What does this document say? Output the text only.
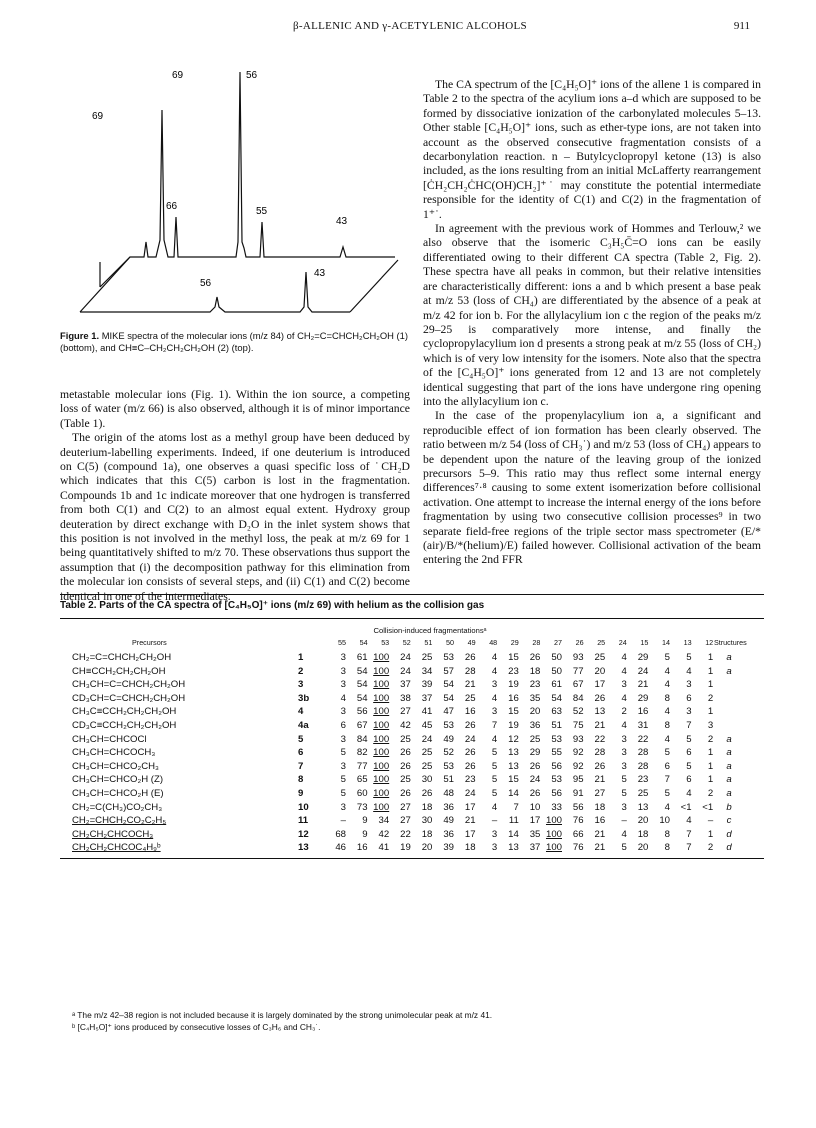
β-ALLENIC AND γ-ACETYLENIC ALCOHOLS	911
69
69
56
66	55
43
56
43
Figure 1. MIKE spectra of the molecular ions (m/z 84) of CH₂=C=CHCH₂CH₂OH (1) (bottom), and CH≡C–CH₂CH₂CH₂OH (2) (top).

metastable molecular ions (Fig. 1). Within the ion source, a competing loss of water (m/z 66) is also observed, although it is of minor importance (Table 1).

The origin of the atoms lost as a methyl group have been deduced by deuterium-labelling experiments. Indeed, if one deuterium is introduced on C(5) (compound 1a), one observes a quasi specific loss of ˙CH₂D which indicates that this C(5) carbon is lost in the fragmentation. Compounds 1b and 1c indicate moreover that one hydrogen is transferred from both C(1) and C(2) to an almost equal extent. Hydroxy group deuteration by direct exchange with D₂O in the inlet system shows that this position is not involved in the methyl loss, the peak at m/z 69 for 1 being quantitatively shifted to m/z 70. These observations thus support the assumption that (i) the decomposition pathway for this elimination from the molecular ion consists of several steps, and (ii) C(1) and C(2) become identical in one of the intermediates.

The CA spectrum of the [C₄H₅O]⁺ ions of the allene 1 is compared in Table 2 to the spectra of the acylium ions a–d which are supposed to be formed by dissociative ionization of the carbonylated molecules 5–13. Other stable [C₄H₅O]⁺ ions, such as ether-type ions, are not taken into account as the observed consecutive fragmentation consists of a decarbonylation reaction. n – Butylcyclopropyl ketone (13) is also included, as the ions resulting from an initial McLafferty rearrangement [ĊH₂CH₂ĊHC(OH)CH₂]⁺˙ may constitute the potential intermediate responsible for the identity of C(1) and C(2) in the fragmentation of 1⁺˙.

In agreement with the previous work of Hommes and Terlouw,² we also observe that the isomeric C₃H₅C̄=O ions can be easily differentiated owing to their different CA spectra (Table 2, Fig. 2). These spectra have all peaks in common, but their relative intensities are characteristically different: ions a and b which present a base peak at m/z 53 (loss of CH₄) are differentiated by the absence of a peak at m/z 42 for ion b. For the allylacylium ion c the region of the peaks m/z 29–25 is comparatively more intense, and finally the cyclopropylacylium ion d presents a strong peak at m/z 55 (loss of CH₂) which is of very low intensity for the isomers. Note also that the spectra of the [C₄H₅O]⁺ ions generated from 12 and 13 are not completely identical suggesting that part of the ions have undergone ring opening into the allylacylium ion c.

In the case of the propenylacylium ion a, a significant and reproducible effect of ion formation has been clearly observed. The ratio between m/z 54 (loss of CH₃˙) and m/z 53 (loss of CH₄) appears to be dependent upon the nature of the leaving group of the ionized precursors 5–9. This ratio may thus reflect some internal energy differences⁷·⁸ causing to some extent isomerization before collisional activation. One attempt to increase the internal energy of the ions before fragmentation by using two consecutive collision processes⁹ in two separate field-free regions of the triple sector mass spectrometer (E/*(air)/B/*(helium)/E) failed however. Collisional activation of the beam entering the 2nd FFR

Table 2. Parts of the CA spectra of [C₄H₅O]⁺ ions (m/z 69) with helium as the collision gas
Collision-induced fragmentationsᵃ
Precursors	Structures
55	54	53	52	51	50	49	48	29	28	27	26	25	24	15	14	13	12
CH₂=C=CHCH₂CH₂OH	1	3	61 100	24	25	53	26	4	15	26	50	93	25	4	29	5	5	1	a
CH≡CCH₂CH₂CH₂OH	2	3	54 100	24	34	57	28	4	23	18	50	77	20	4	24	4	4	1	a
CH₃CH=C=CHCH₂CH₂OH	3	3	54 100	37	39	54	21	3	19	23	61	67	17	3	21	4	3	1
CD₃CH=C=CHCH₂CH₂OH	3b	4	54 100	38	37	54	25	4	16	35	54	84	26	4	29	8	6	2
CH₃C≡CCH₂CH₂CH₂OH	4	3	56 100	27	41	47	16	3	15	20	63	52	13	2	16	4	3	1
CD₃C≡CCH₂CH₂CH₂OH	4a	6	67 100	42	45	53	26	7	19	36	51	75	21	4	31	8	7	3
CH₃CH=CHCOCl	5	3	84 100	25	24	49	24	4	12	25	53	93	22	3	22	4	5	2	a
CH₃CH=CHCOCH₃	6	5	82 100	26	25	52	26	5	13	29	55	92	28	3	28	5	6	1	a
CH₃CH=CHCO₂CH₃	7	3	77 100	26	25	53	26	5	13	26	56	92	26	3	28	6	5	1	a
CH₃CH=CHCO₂H (Z)	8	5	65 100	25	30	51	23	5	15	24	53	95	21	5	23	7	6	1	a
CH₃CH=CHCO₂H (E)	9	5	60 100	26	26	48	24	5	14	26	56	91	27	5	25	5	4	2	a
CH₂=C(CH₃)CO₂CH₃	10	3	73 100	27	18	36	17	4	7	10	33	56	18	3	13	4	<1	<1	b
CH₂=CHCH₂CO₂C₂H₅	11	–	9	34	27	30	49	21	–	11	17 100	76	16	–	20	10	4	–	c
CH₂CH₂CHCOCH₃	12	68	9	42	22	18	36	17	3	14	35 100	66	21	4	18	8	7	1	d
CH₂CH₂CHCOC₄H₉ᵇ	13	46	16	41	19	20	39	18	3	13	37 100	76	21	5	20	8	7	2	d
ᵃ The m/z 42–38 region is not included because it is largely dominated by the strong unimolecular peak at m/z 41.
ᵇ [C₄H₅O]⁺ ions produced by consecutive losses of C₃H₆ and CH₃˙.
